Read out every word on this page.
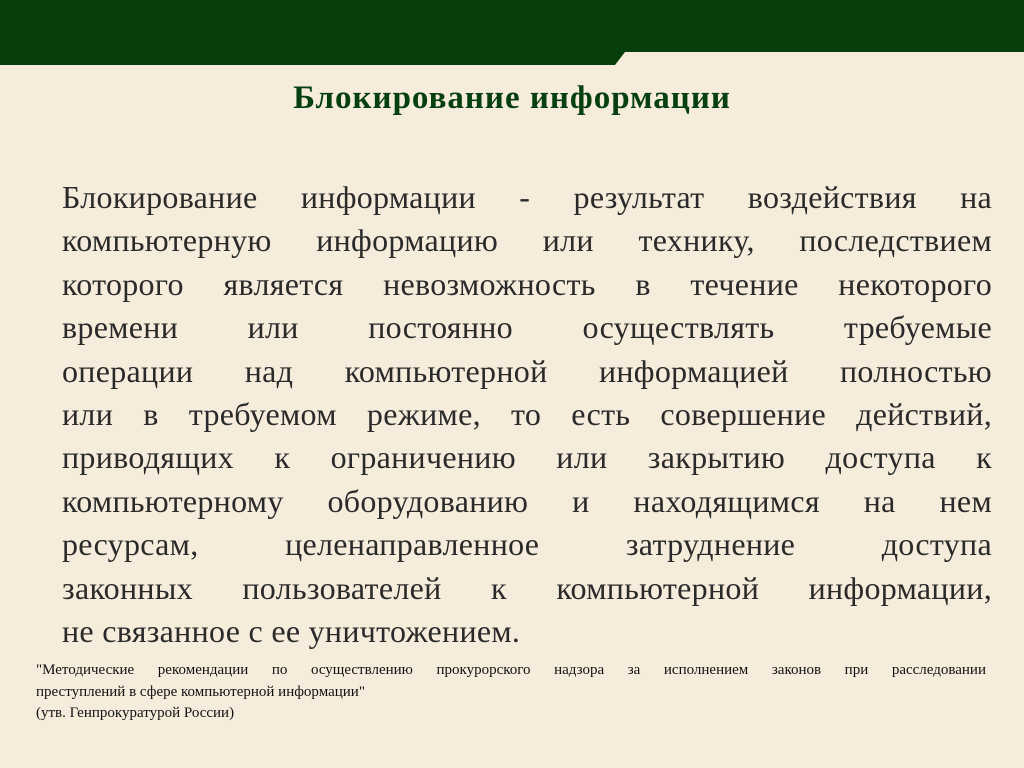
Блокирование информации
Блокирование информации - результат воздействия на
компьютерную информацию или технику, последствием
которого является невозможность в течение некоторого
времени или постоянно осуществлять требуемые
операции над компьютерной информацией полностью
или в требуемом режиме, то есть совершение действий,
приводящих к ограничению или закрытию доступа к
компьютерному оборудованию и находящимся на нем
ресурсам, целенаправленное затруднение доступа
законных пользователей к компьютерной информации,
не связанное с ее уничтожением.
"Методические рекомендации по осуществлению прокурорского надзора за исполнением законов при расследовании
преступлений в сфере компьютерной информации"
(утв. Генпрокуратурой России)
